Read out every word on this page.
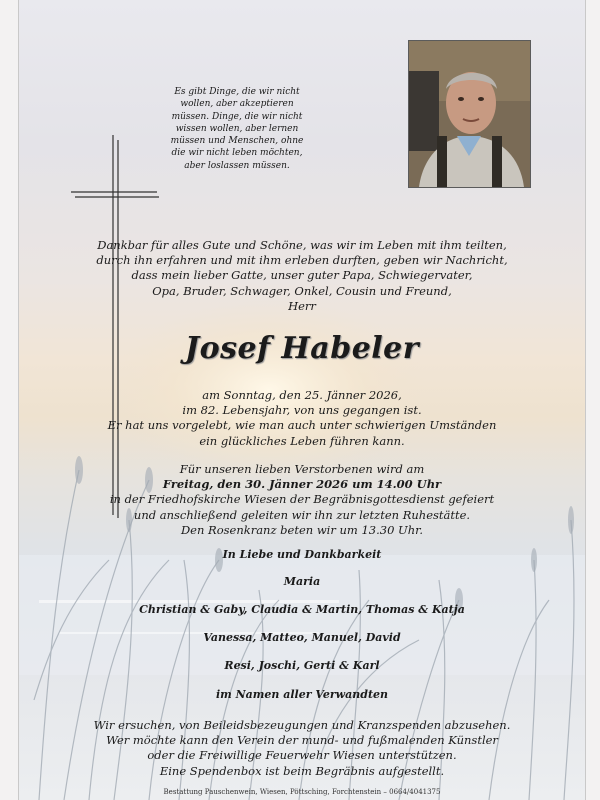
Es gibt Dinge, die wir nicht wollen, aber akzeptieren müssen. Dinge, die wir nicht wissen wollen, aber lernen müssen und Menschen, ohne die wir nicht leben möchten, aber loslassen müssen.

Dankbar für alles Gute und Schöne, was wir im Leben mit ihm teilten,
durch ihn erfahren und mit ihm erleben durften, geben wir Nachricht,
dass mein lieber Gatte, unser guter Papa, Schwiegervater,
Opa, Bruder, Schwager, Onkel, Cousin und Freund,
Herr

Josef Habeler

am Sonntag, den 25. Jänner 2026,
im 82. Lebensjahr, von uns gegangen ist.
Er hat uns vorgelebt, wie man auch unter schwierigen Umständen
ein glückliches Leben führen kann.

Für unseren lieben Verstorbenen wird am
Freitag, den 30. Jänner 2026 um 14.00 Uhr
in der Friedhofskirche Wiesen der Begräbnisgottesdienst gefeiert
und anschließend geleiten wir ihn zur letzten Ruhestätte.
Den Rosenkranz beten wir um 13.30 Uhr.

In Liebe und Dankbarkeit

Maria

Christian & Gaby, Claudia & Martin, Thomas & Katja

Vanessa, Matteo, Manuel, David

Resi, Joschi, Gerti & Karl

im Namen aller Verwandten

Wir ersuchen, von Beileidsbezeugungen und Kranzspenden abzusehen.
Wer möchte kann den Verein der mund- und fußmalenden Künstler
oder die Freiwillige Feuerwehr Wiesen unterstützen.
Eine Spendenbox ist beim Begräbnis aufgestellt.

Bestattung Pauschenwein, Wiesen, Pöttsching, Forchtenstein – 0664/4041375
